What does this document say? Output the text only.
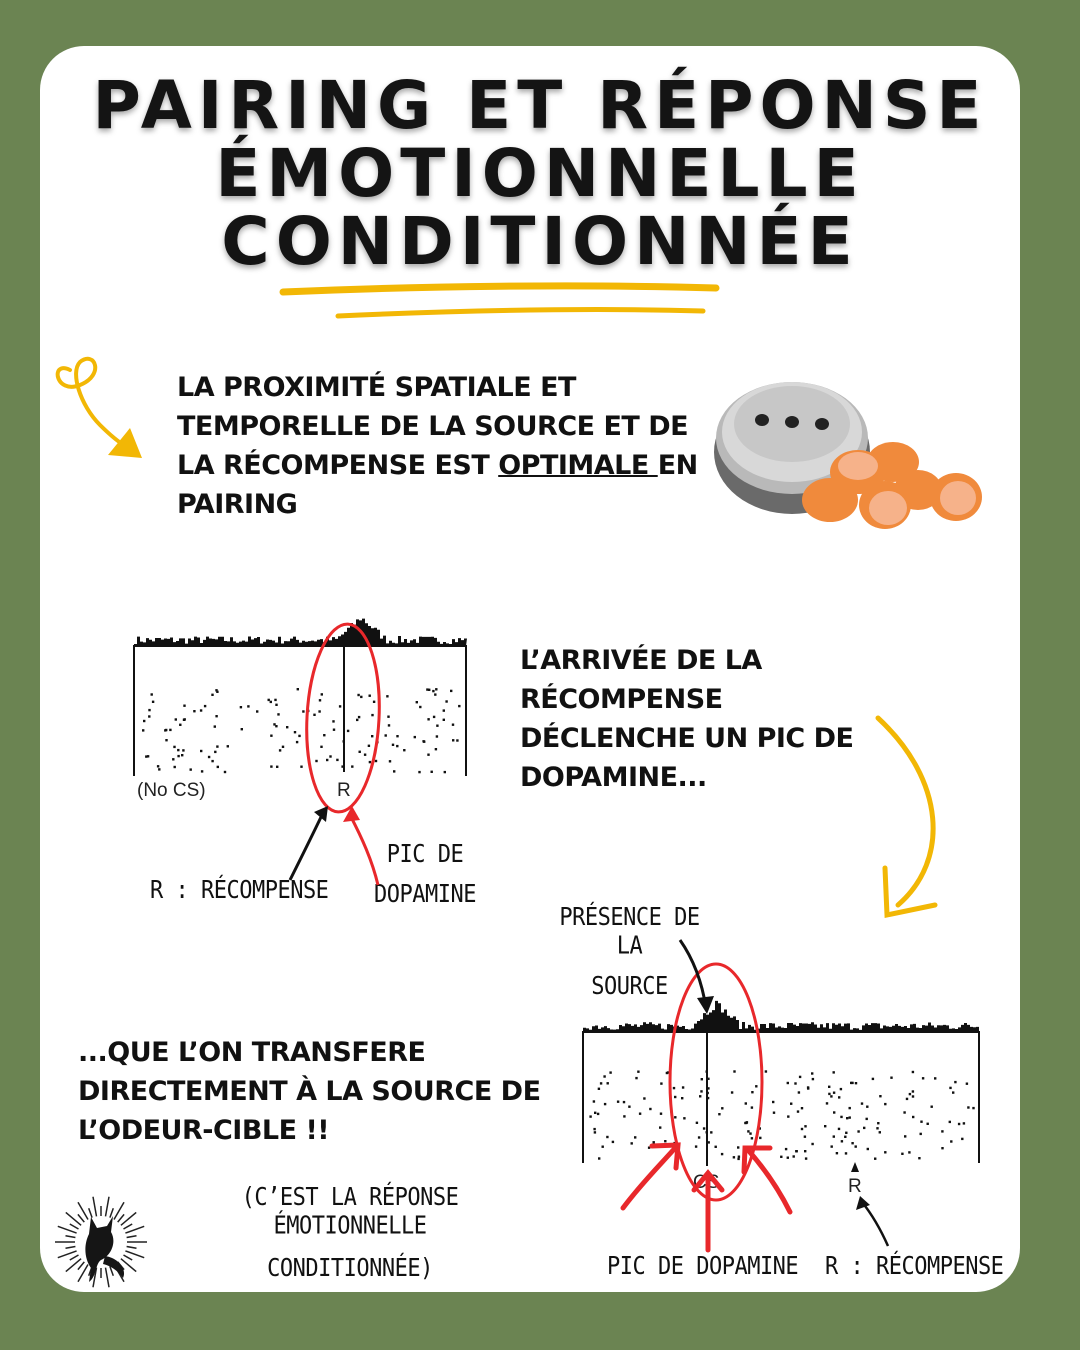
PAIRING ET RÉPONSE
ÉMOTIONNELLE
CONDITIONNÉE
LA PROXIMITÉ SPATIALE ET
TEMPORELLE DE LA SOURCE ET DE
LA RÉCOMPENSE EST OPTIMALE EN
PAIRING
L’ARRIVÉE DE LA
RÉCOMPENSE
DÉCLENCHE UN PIC DE
DOPAMINE...
...QUE L’ON TRANSFERE
DIRECTEMENT À LA SOURCE DE
L’ODEUR-CIBLE !!
(C’EST LA RÉPONSE ÉMOTIONNELLE
CONDITIONNÉE)
(No CS)	R
R : RÉCOMPENSE
PIC DE
DOPAMINE
PRÉSENCE DE LA
SOURCE
CS	R
PIC DE DOPAMINE R : RÉCOMPENSE
